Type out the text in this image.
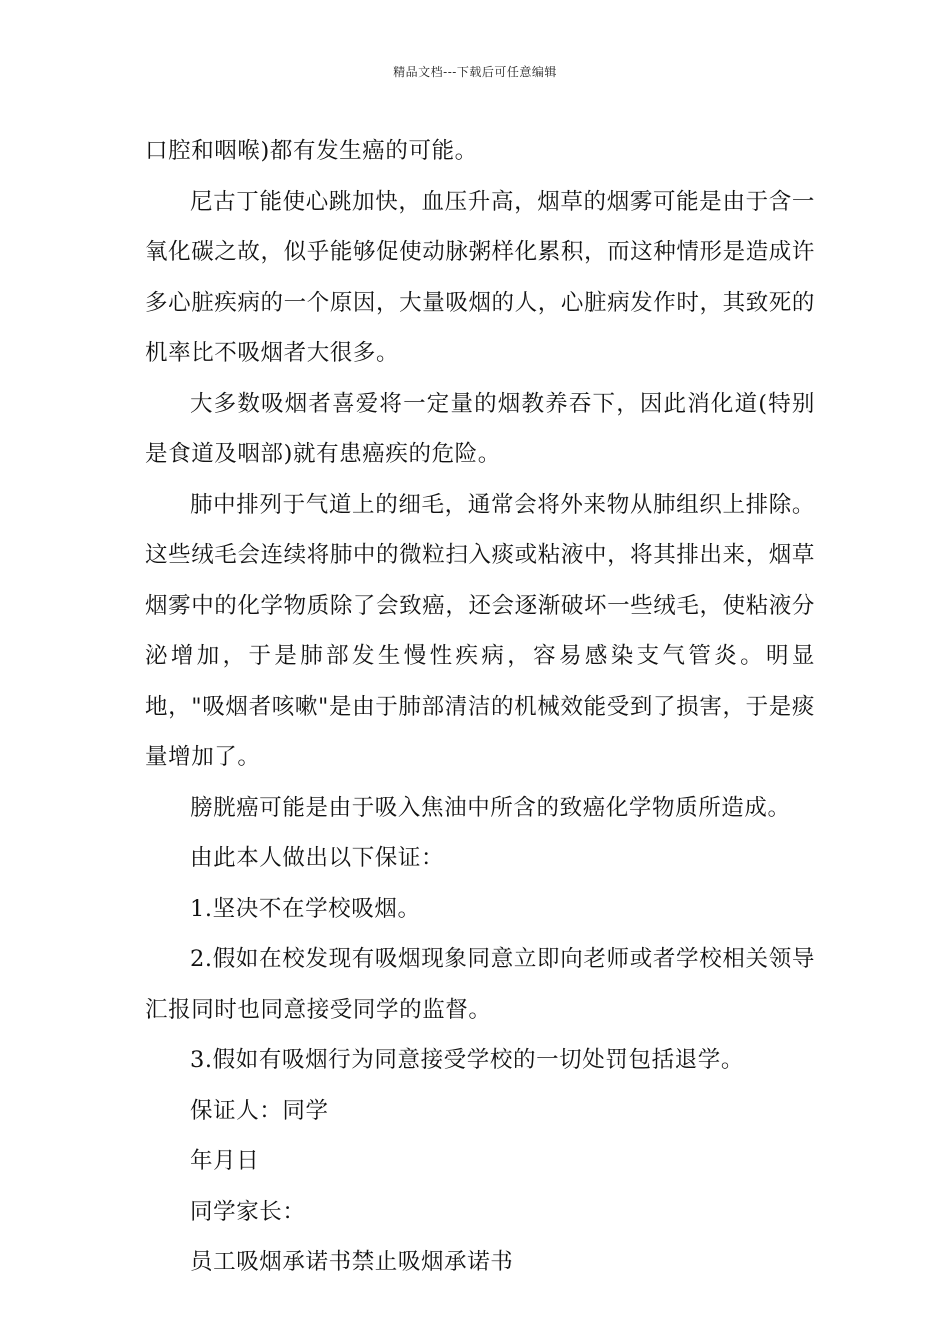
精品文档---下载后可任意编辑

口腔和咽喉)都有发生癌的可能。

尼古丁能使心跳加快，血压升高，烟草的烟雾可能是由于含一氧化碳之故，似乎能够促使动脉粥样化累积，而这种情形是造成许多心脏疾病的一个原因，大量吸烟的人，心脏病发作时，其致死的机率比不吸烟者大很多。

大多数吸烟者喜爱将一定量的烟教养吞下，因此消化道(特别是食道及咽部)就有患癌疾的危险。

肺中排列于气道上的细毛，通常会将外来物从肺组织上排除。这些绒毛会连续将肺中的微粒扫入痰或粘液中，将其排出来，烟草烟雾中的化学物质除了会致癌，还会逐渐破坏一些绒毛，使粘液分泌增加，于是肺部发生慢性疾病，容易感染支气管炎。明显地，"吸烟者咳嗽"是由于肺部清洁的机械效能受到了损害，于是痰量增加了。

膀胱癌可能是由于吸入焦油中所含的致癌化学物质所造成。

由此本人做出以下保证：

1.坚决不在学校吸烟。

2.假如在校发现有吸烟现象同意立即向老师或者学校相关领导汇报同时也同意接受同学的监督。

3.假如有吸烟行为同意接受学校的一切处罚包括退学。

保证人：同学

年月日

同学家长：

员工吸烟承诺书禁止吸烟承诺书
